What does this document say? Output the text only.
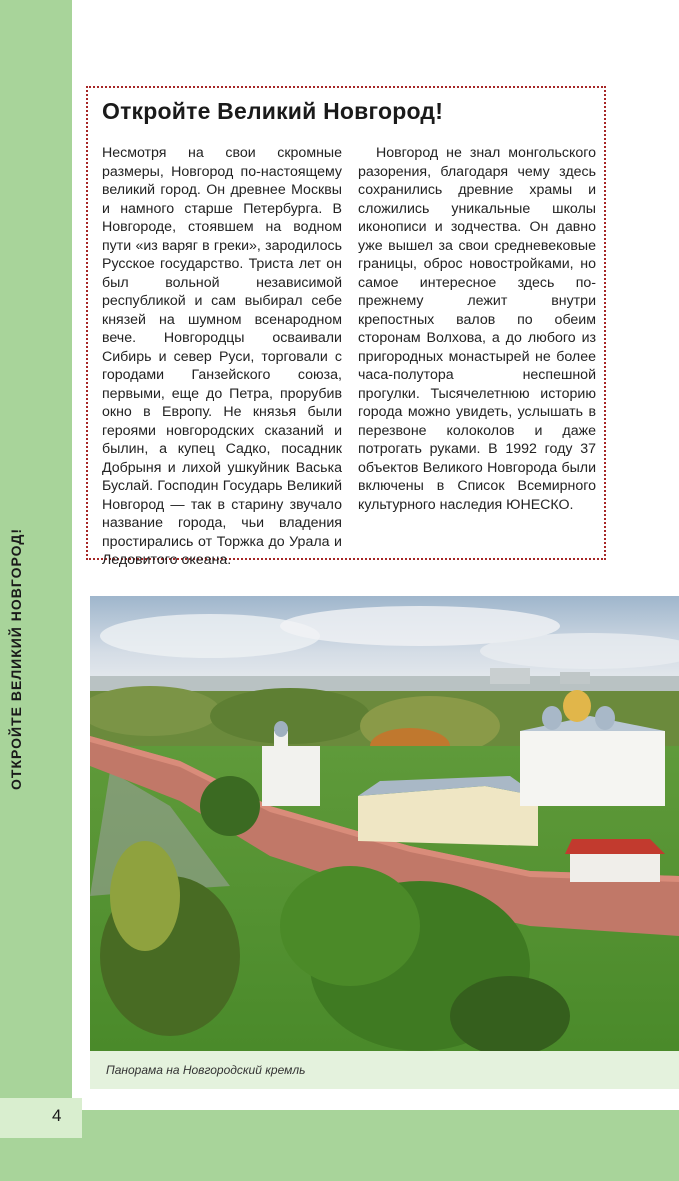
ОТКРОЙТЕ ВЕЛИКИЙ НОВГОРОД!
4
Откройте Великий Новгород!
Несмотря на свои скромные размеры, Новгород по-настоящему великий город. Он древнее Москвы и намного старше Петербурга. В Новгороде, стоявшем на водном пути «из варяг в греки», зародилось Русское государство. Триста лет он был вольной независимой республикой и сам выбирал себе князей на шумном всенародном вече. Новгородцы осваивали Сибирь и север Руси, торговали с городами Ганзейского союза, первыми, еще до Петра, прорубив окно в Европу. Не князья были героями новгородских сказаний и былин, а купец Садко, посадник Добрыня и лихой ушкуйник Васька Буслай. Господин Государь Великий Новгород — так в старину звучало название города, чьи владения простирались от Торжка до Урала и Ледовитого океана.
Новгород не знал монгольского разорения, благодаря чему здесь сохранились древние храмы и сложились уникальные школы иконописи и зодчества. Он давно уже вышел за свои средневековые границы, оброс новостройками, но самое интересное здесь по-прежнему лежит внутри крепостных валов по обеим сторонам Волхова, а до любого из пригородных монастырей не более часа-полутора неспешной прогулки. Тысячелетнюю историю города можно увидеть, услышать в перезвоне колоколов и даже потрогать руками. В 1992 году 37 объектов Великого Новгорода были включены в Список Всемирного культурного наследия ЮНЕСКО.
Панорама на Новгородский кремль
